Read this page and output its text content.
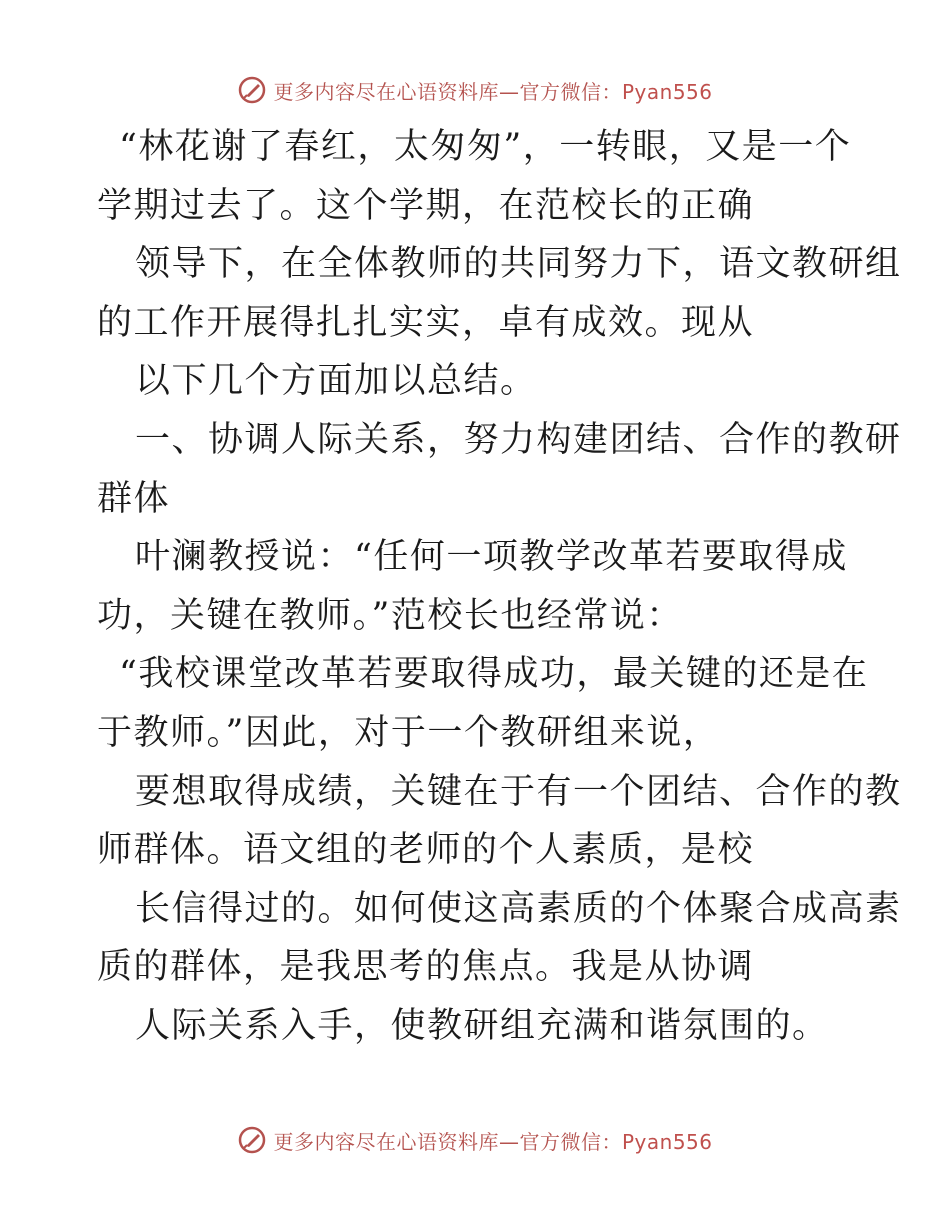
更多内容尽在心语资料库—官方微信：Pyan556
“林花谢了春红，太匆匆”，一转眼，又是一个
学期过去了。这个学期，在范校长的正确
领导下，在全体教师的共同努力下，语文教研组
的工作开展得扎扎实实，卓有成效。现从
以下几个方面加以总结。
一、协调人际关系，努力构建团结、合作的教研
群体
叶澜教授说：“任何一项教学改革若要取得成
功，关键在教师。”范校长也经常说：
“我校课堂改革若要取得成功，最关键的还是在
于教师。”因此，对于一个教研组来说，
要想取得成绩，关键在于有一个团结、合作的教
师群体。语文组的老师的个人素质，是校
长信得过的。如何使这高素质的个体聚合成高素
质的群体，是我思考的焦点。我是从协调
人际关系入手，使教研组充满和谐氛围的。
更多内容尽在心语资料库—官方微信：Pyan556
